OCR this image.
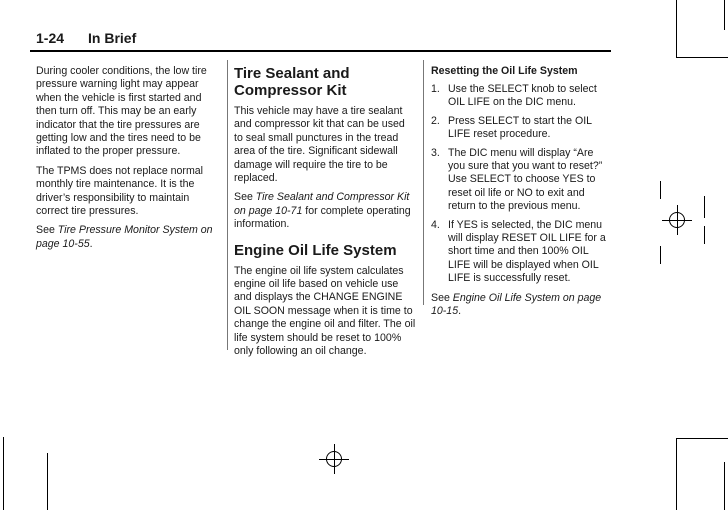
1-24 In Brief

During cooler conditions, the low tire pressure warning light may appear when the vehicle is first started and then turn off. This may be an early indicator that the tire pressures are getting low and the tires need to be inflated to the proper pressure.

The TPMS does not replace normal monthly tire maintenance. It is the driver’s responsibility to maintain correct tire pressures.

See Tire Pressure Monitor System on page 10-55.

Tire Sealant and Compressor Kit

This vehicle may have a tire sealant and compressor kit that can be used to seal small punctures in the tread area of the tire. Significant sidewall damage will require the tire to be replaced.

See Tire Sealant and Compressor Kit on page 10-71 for complete operating information.

Engine Oil Life System

The engine oil life system calculates engine oil life based on vehicle use and displays the CHANGE ENGINE OIL SOON message when it is time to change the engine oil and filter. The oil life system should be reset to 100% only following an oil change.

Resetting the Oil Life System
1. Use the SELECT knob to select OIL LIFE on the DIC menu.
2. Press SELECT to start the OIL LIFE reset procedure.
3. The DIC menu will display “Are you sure that you want to reset?” Use SELECT to choose YES to reset oil life or NO to exit and return to the previous menu.
4. If YES is selected, the DIC menu will display RESET OIL LIFE for a short time and then 100% OIL LIFE will be displayed when OIL LIFE is successfully reset.

See Engine Oil Life System on page 10-15.
